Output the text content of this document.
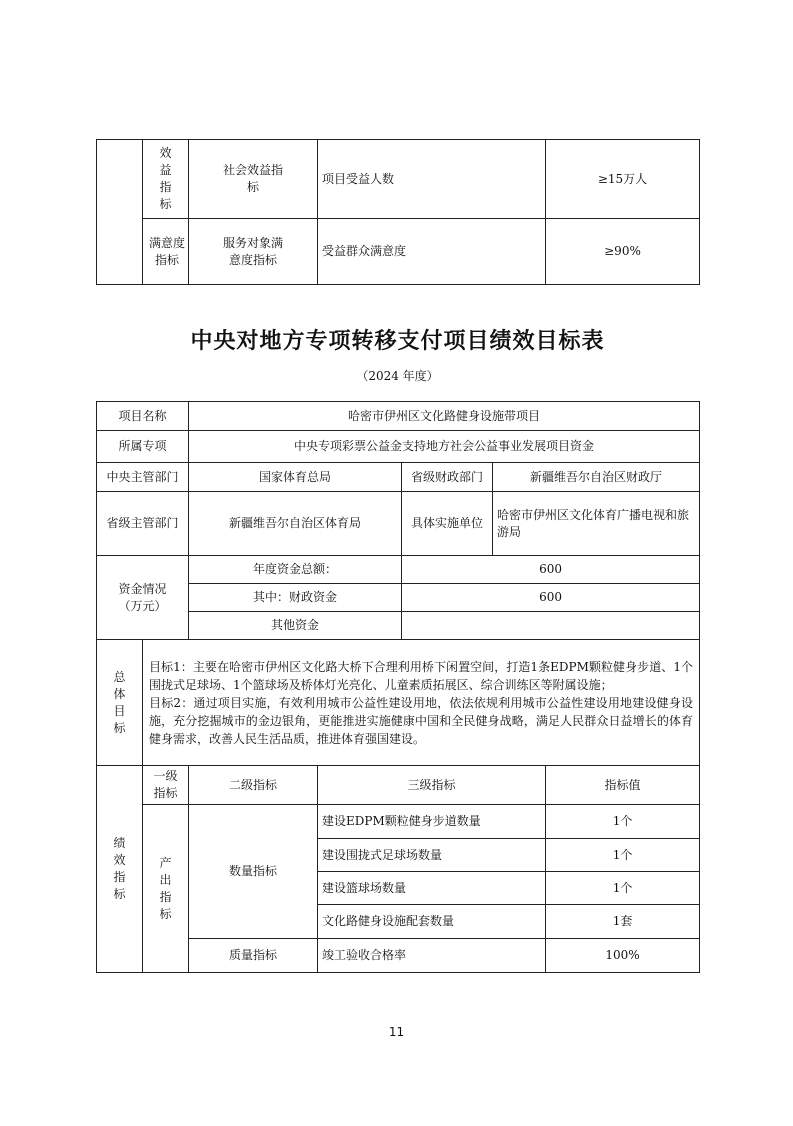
	效益指标	社会效益指标	项目受益人数	≥15万人
	满意度指标	服务对象满意度指标	受益群众满意度	≥90%
中央对地方专项转移支付项目绩效目标表
（2024 年度）
项目名称		哈密市伊州区文化路健身设施带项目				
所属专项		中央专项彩票公益金支持地方社会公益事业发展项目资金				
中央主管部门		国家体育总局		省级财政部门	新疆维吾尔自治区财政厅	
省级主管部门		新疆维吾尔自治区体育局		具体实施单位	哈密市伊州区文化体育广播电视和旅游局	
资金情况（万元）		年度资金总额：		600		
		其中：财政资金		600		
		其他资金				

总体目标	目标1：主要在哈密市伊州区文化路大桥下合理利用桥下闲置空间，打造1条EDPM颗粒健身步道、1个围拢式足球场、1个篮球场及桥体灯光亮化、儿童素质拓展区、综合训练区等附属设施；
目标2：通过项目实施，有效利用城市公益性建设用地，依法依规利用城市公益性建设用地建设健身设施，充分挖掘城市的金边银角，更能推进实施健康中国和全民健身战略，满足人民群众日益增长的体育健身需求，改善人民生活品质，推进体育强国建设。					

绩效指标	一级指标	二级指标	三级指标			指标值

	产出指标	数量指标	建设EDPM颗粒健身步道数量			1个
			建设围拢式足球场数量			1个
			建设篮球场数量			1个
			文化路健身设施配套数量			1套
		质量指标	竣工验收合格率			100%
11
